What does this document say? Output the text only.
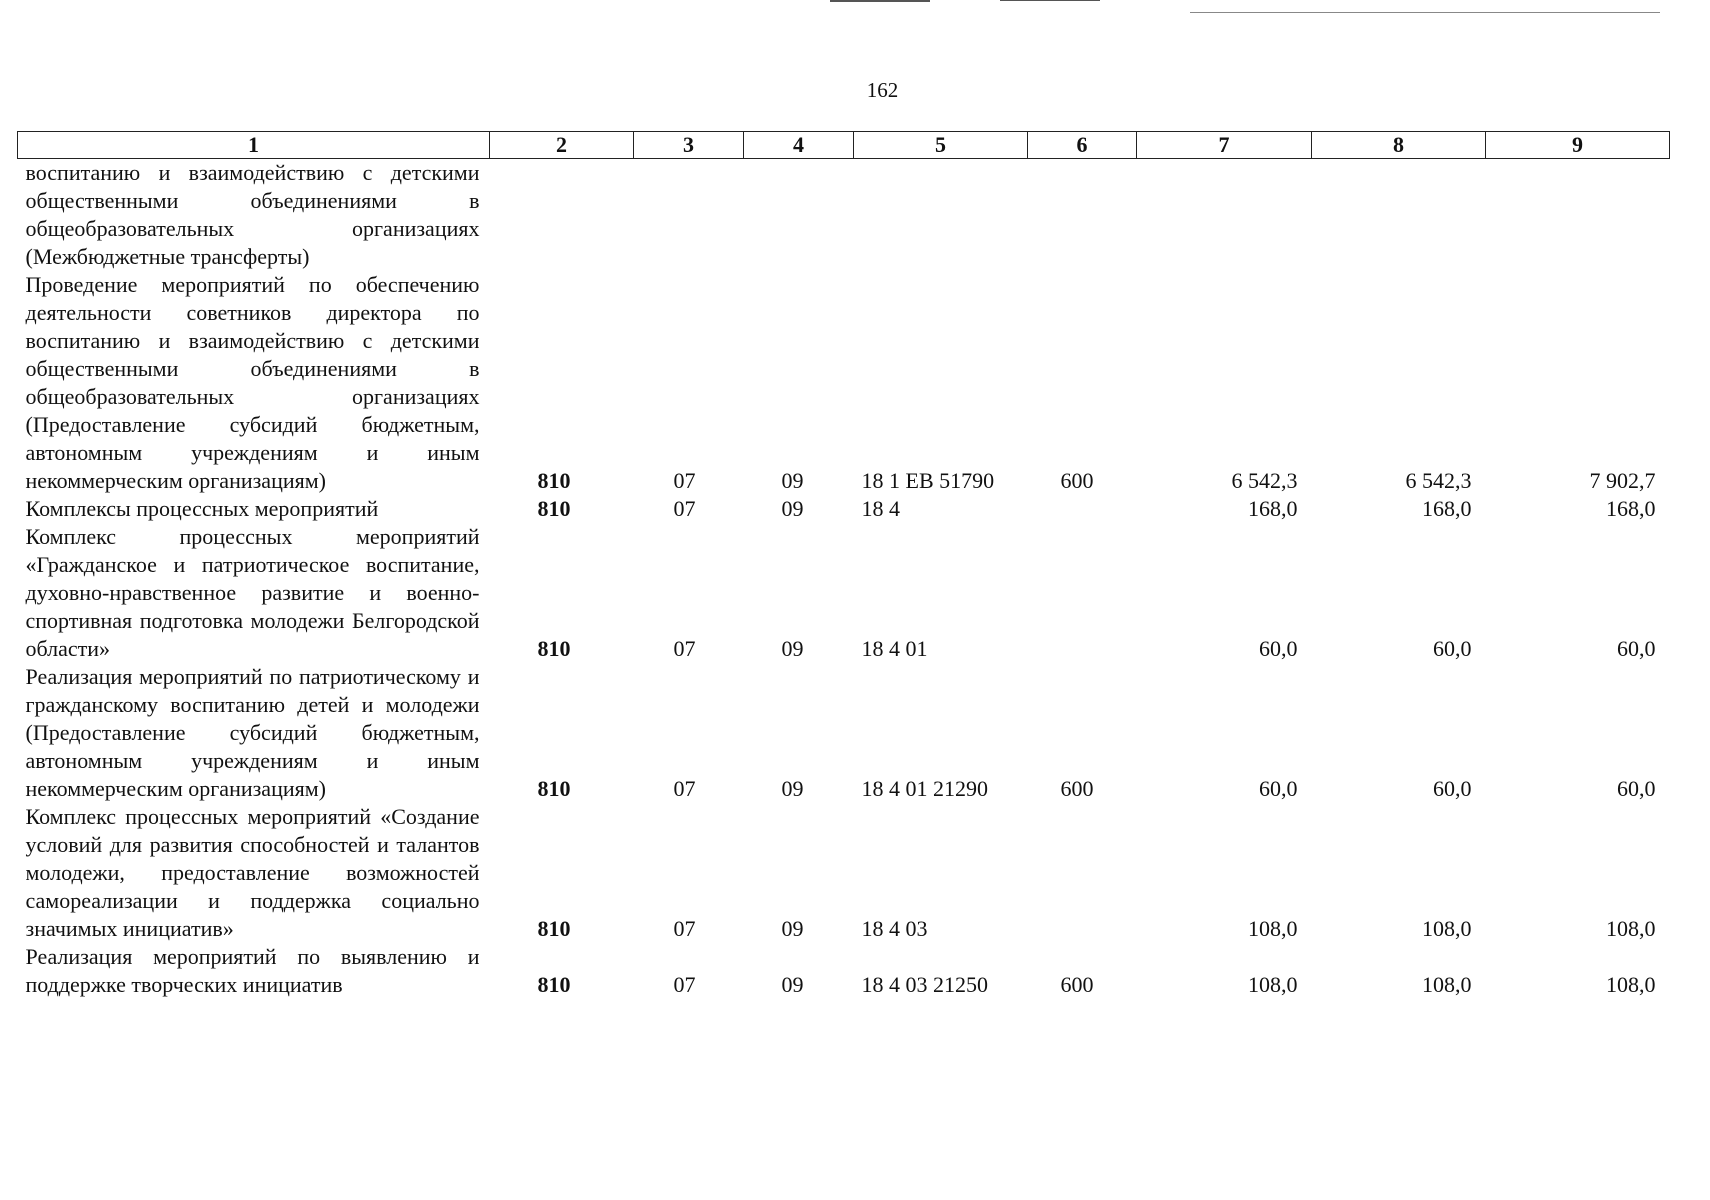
162
1	2	3	4	5	6	7	8	9
воспитанию и взаимодействию с детскими общественными объединениями в общеобразовательных организациях (Межбюджетные трансферты)								
Проведение мероприятий по обеспечению деятельности советников директора по воспитанию и взаимодействию с детскими общественными объединениями в общеобразовательных организациях (Предоставление субсидий бюджетным, автономным учреждениям и иным некоммерческим организациям)	810	07	09	18 1 ЕВ 51790	600	6 542,3	6 542,3	7 902,7
Комплексы процессных мероприятий	810	07	09	18 4		168,0	168,0	168,0
Комплекс процессных мероприятий «Гражданское и патриотическое воспитание, духовно-нравственное развитие и военно-спортивная подготовка молодежи Белгородской области»	810	07	09	18 4 01		60,0	60,0	60,0
Реализация мероприятий по патриотическому и гражданскому воспитанию детей и молодежи (Предоставление субсидий бюджетным, автономным учреждениям и иным некоммерческим организациям)	810	07	09	18 4 01 21290	600	60,0	60,0	60,0
Комплекс процессных мероприятий «Создание условий для развития способностей и талантов молодежи, предоставление возможностей самореализации и поддержка социально значимых инициатив»	810	07	09	18 4 03		108,0	108,0	108,0
Реализация мероприятий по выявлению и поддержке творческих инициатив	810	07	09	18 4 03 21250	600	108,0	108,0	108,0
